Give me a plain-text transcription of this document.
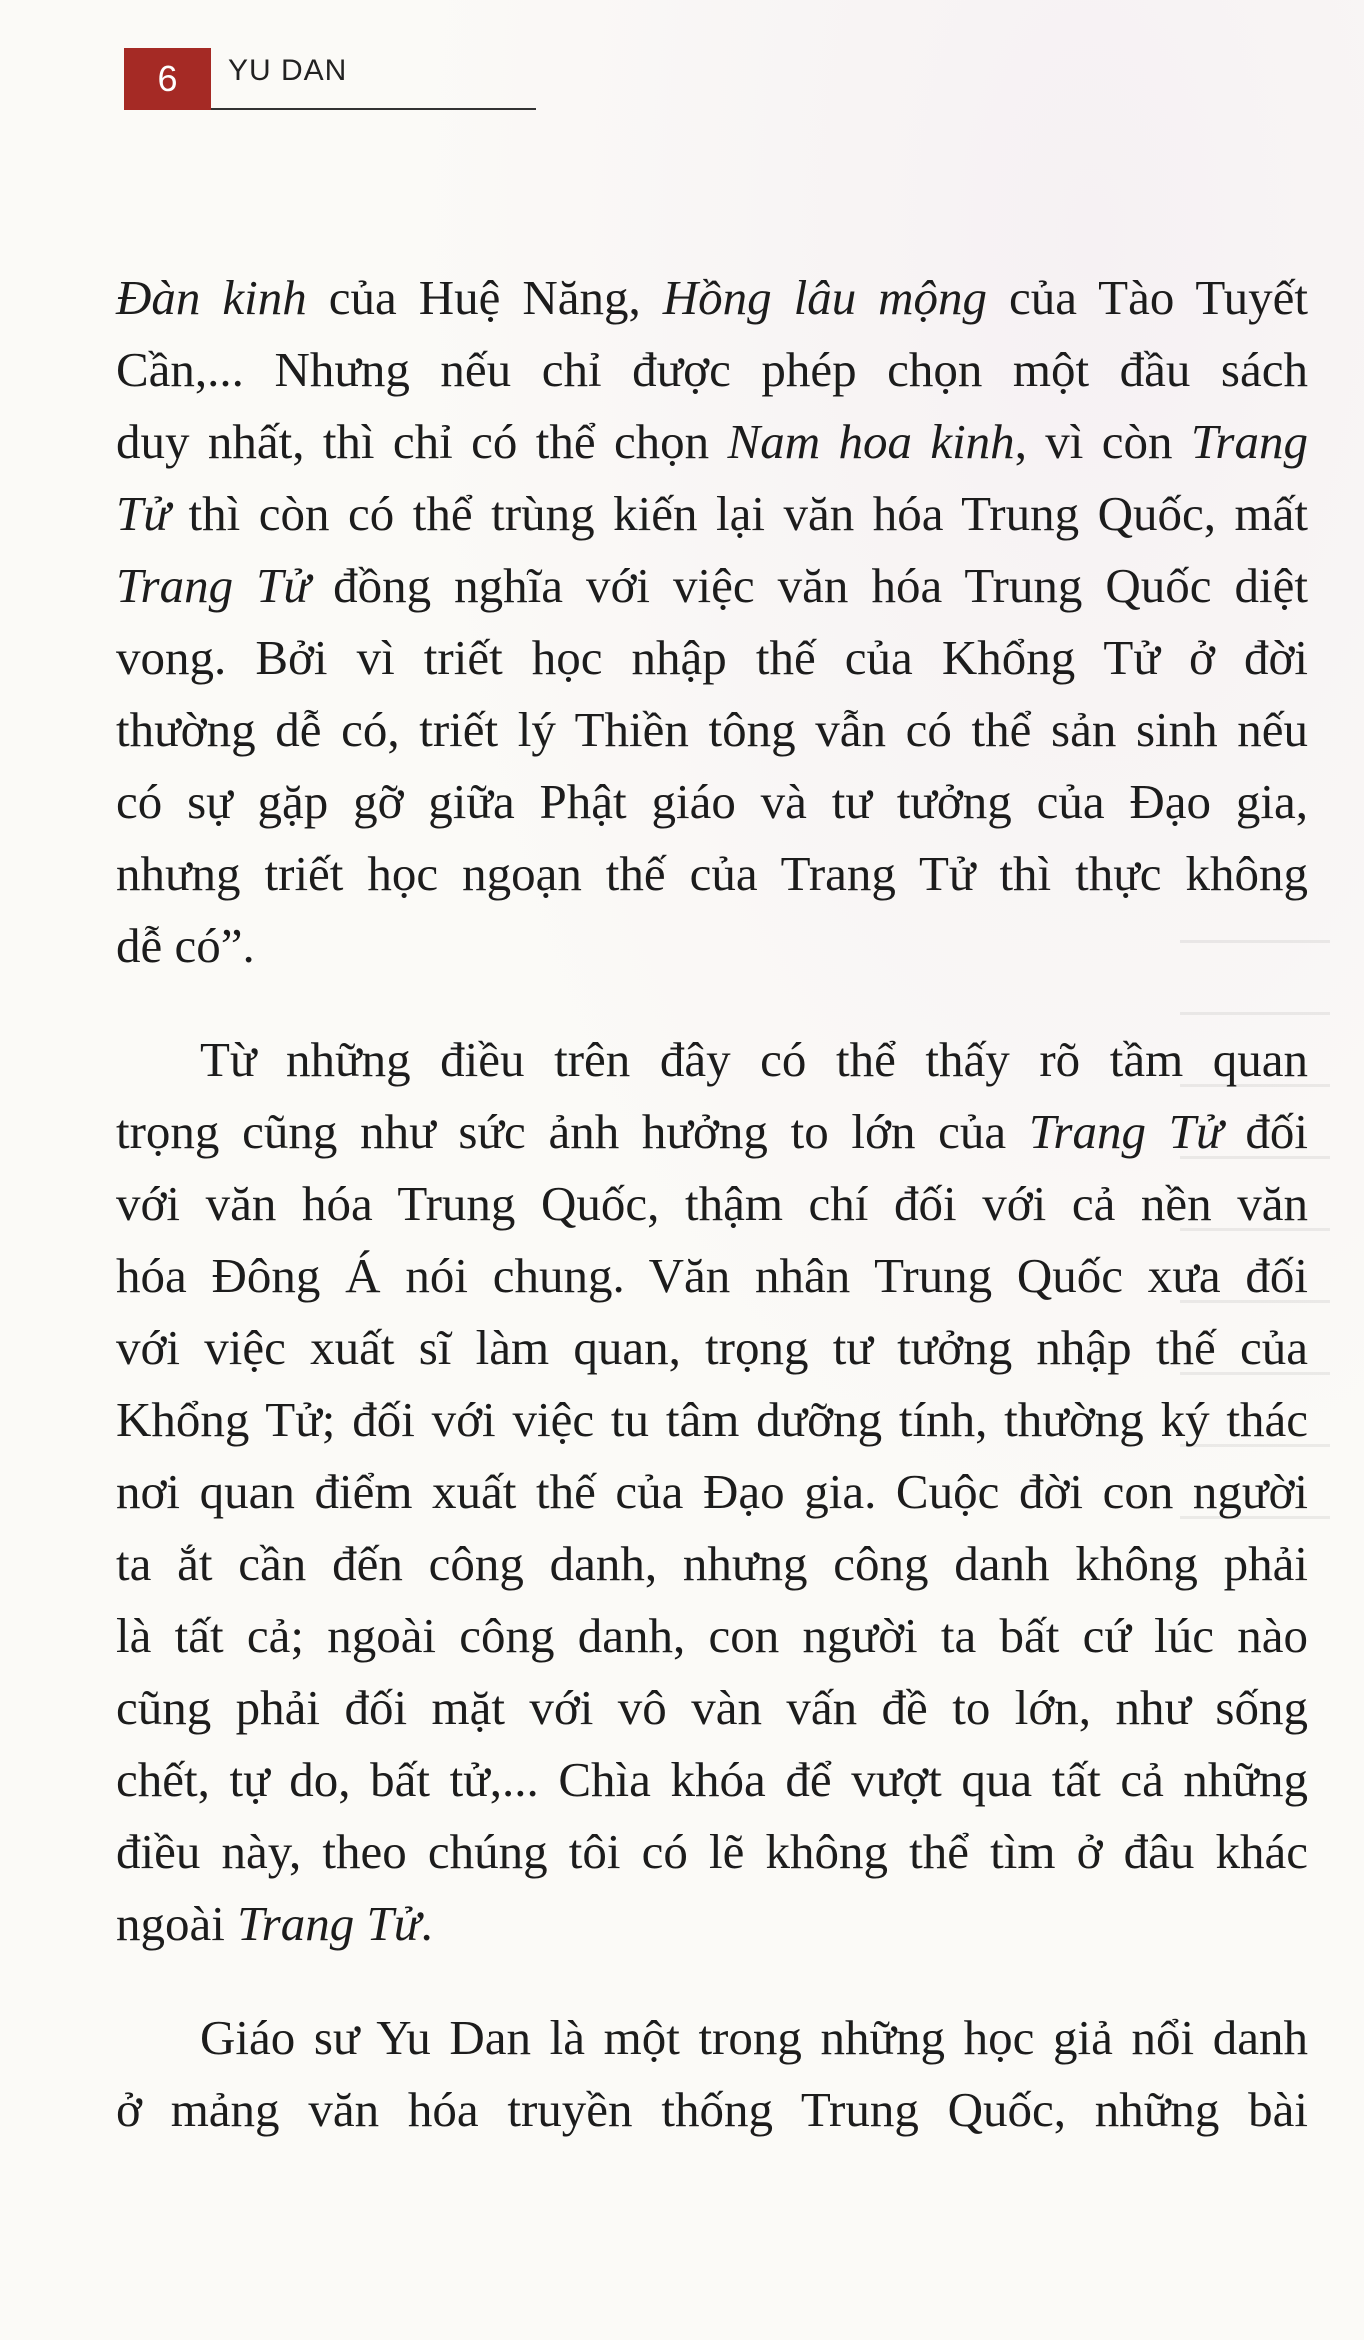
6	YU DAN
Đàn kinh của Huệ Năng, Hồng lâu mộng của Tào Tuyết
Cần,... Nhưng nếu chỉ được phép chọn một đầu sách
duy nhất, thì chỉ có thể chọn Nam hoa kinh, vì còn Trang
Tử thì còn có thể trùng kiến lại văn hóa Trung Quốc, mất
Trang Tử đồng nghĩa với việc văn hóa Trung Quốc diệt
vong. Bởi vì triết học nhập thế của Khổng Tử ở đời
thường dễ có, triết lý Thiền tông vẫn có thể sản sinh nếu
có sự gặp gỡ giữa Phật giáo và tư tưởng của Đạo gia,
nhưng triết học ngoạn thế của Trang Tử thì thực không
dễ có”.
Từ những điều trên đây có thể thấy rõ tầm quan
trọng cũng như sức ảnh hưởng to lớn của Trang Tử đối
với văn hóa Trung Quốc, thậm chí đối với cả nền văn
hóa Đông Á nói chung. Văn nhân Trung Quốc xưa đối
với việc xuất sĩ làm quan, trọng tư tưởng nhập thế của
Khổng Tử; đối với việc tu tâm dưỡng tính, thường ký thác
nơi quan điểm xuất thế của Đạo gia. Cuộc đời con người
ta ắt cần đến công danh, nhưng công danh không phải
là tất cả; ngoài công danh, con người ta bất cứ lúc nào
cũng phải đối mặt với vô vàn vấn đề to lớn, như sống
chết, tự do, bất tử,... Chìa khóa để vượt qua tất cả những
điều này, theo chúng tôi có lẽ không thể tìm ở đâu khác
ngoài Trang Tử.
Giáo sư Yu Dan là một trong những học giả nổi danh
ở mảng văn hóa truyền thống Trung Quốc, những bài
